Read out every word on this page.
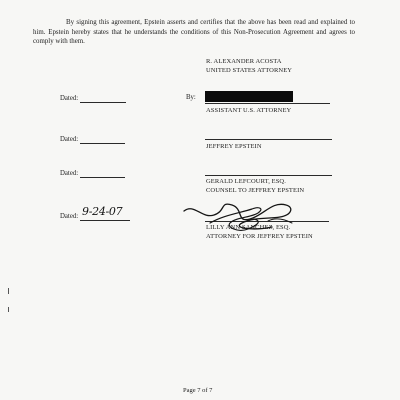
By signing this agreement, Epstein asserts and certifies that the above has been read and explained to him. Epstein hereby states that he understands the conditions of this Non-Prosecution Agreement and agrees to comply with them.
R. ALEXANDER ACOSTA
UNITED STATES ATTORNEY
Dated:	By:
ASSISTANT U.S. ATTORNEY
Dated:
JEFFREY EPSTEIN
Dated:
GERALD LEFCOURT, ESQ.
COUNSEL TO JEFFREY EPSTEIN
Dated: 9-24-07
LILLY ANN SANCHEZ, ESQ.
ATTORNEY FOR JEFFREY EPSTEIN
Page 7 of 7
